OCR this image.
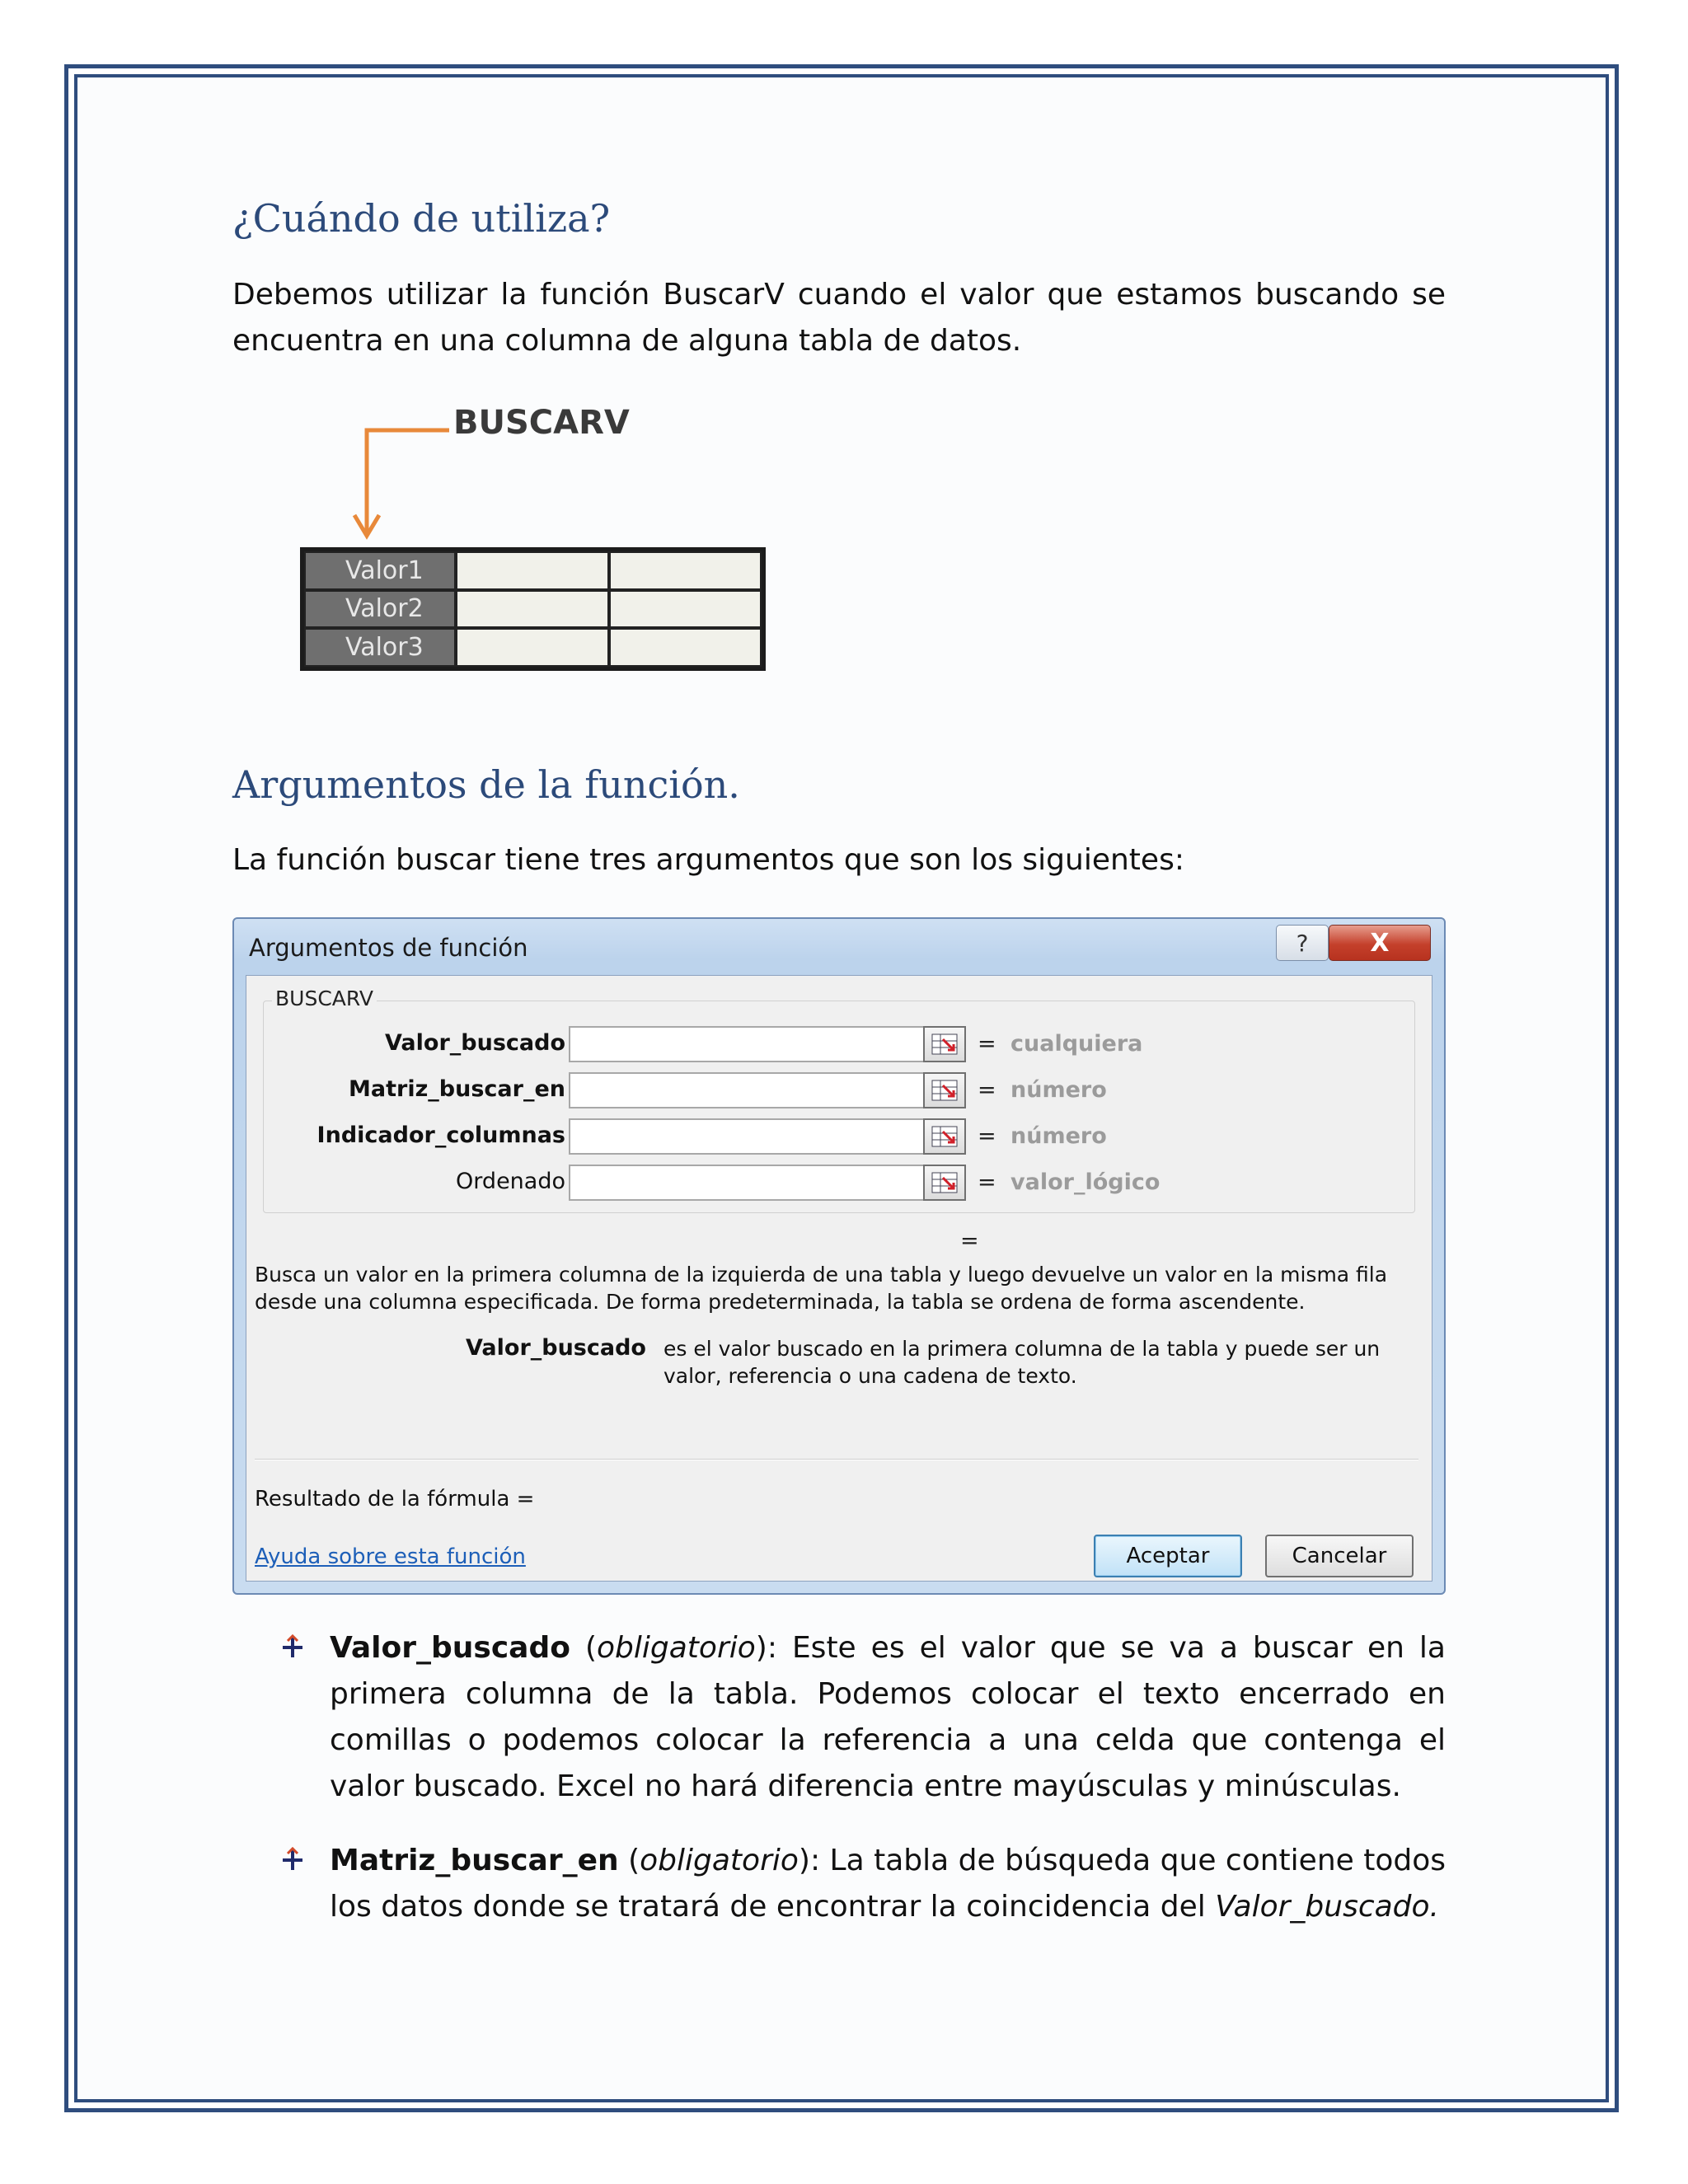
¿Cuándo de utiliza?
Debemos utilizar la función BuscarV cuando el valor que estamos buscando se encuentra en una columna de alguna tabla de datos.
BUSCARV
Valor1
Valor2
Valor3
Argumentos de la función.
La función buscar tiene tres argumentos que son los siguientes:
Argumentos de función	?	X
BUSCARV
Valor_buscado	= cualquiera
Matriz_buscar_en	= número
Indicador_columnas	= número
Ordenado	= valor_lógico
=
Busca un valor en la primera columna de la izquierda de una tabla y luego devuelve un valor en la misma fila desde una columna especificada. De forma predeterminada, la tabla se ordena de forma ascendente.
Valor_buscado es el valor buscado en la primera columna de la tabla y puede ser un valor, referencia o una cadena de texto.
Resultado de la fórmula =
Ayuda sobre esta función	Aceptar	Cancelar
Valor_buscado (obligatorio): Este es el valor que se va a buscar en la primera columna de la tabla. Podemos colocar el texto encerrado en comillas o podemos colocar la referencia a una celda que contenga el valor buscado. Excel no hará diferencia entre mayúsculas y minúsculas.
Matriz_buscar_en (obligatorio): La tabla de búsqueda que contiene todos los datos donde se tratará de encontrar la coincidencia del Valor_buscado.
